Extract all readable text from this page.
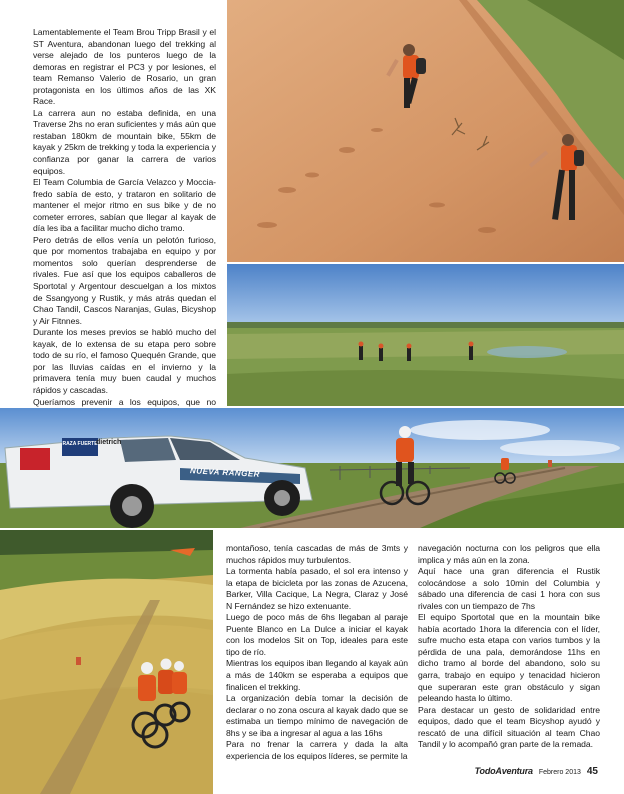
Lamentablemente el Team Brou Tripp Brasil y el ST Aventura, abandonan luego del trekking al verse alejado de los punteros luego de la demoras en registrar el PC3 y por lesiones, el team Remanso Valerio de Rosario, un gran protagonista en los últimos años de las XK Race.

La carrera aun no estaba definida, en una Traverse 2hs no eran suficientes y más aún que restaban 180km de mountain bike, 55km de kayak y 25km de trekking y toda la experiencia y confianza por ganar la carrera de varios equipos.

El Team Columbia de García Velazco y Moccia-fredo sabía de esto, y trataron en solitario de mantener el mejor ritmo en sus bike y de no cometer errores, sabían que llegar al kayak de día les iba a facilitar mucho dicho tramo.

Pero detrás de ellos venía un pelotón furioso, que por momentos trabajaba en equipo y por momentos solo querían desprenderse de rivales. Fue así que los equipos caballeros de Sportotal y Argentour descuelgan a los mixtos de Ssangyong y Rustik, y más atrás quedan el Chao Tandil, Cascos Naranjas, Gulas, Bicyshop y Air Fitnnes.

Durante los meses previos se habló mucho del kayak, de lo extensa de su etapa pero sobre todo de su río, el famoso Quequén Grande, que por las lluvias caídas en el invierno y la primavera tenía muy buen caudal y muchos rápidos y cascadas.

Queríamos prevenir a los equipos, que no

RAZA FUERTE
dietrich
NUEVA RANGER

montañoso, tenía cascadas de más de 3mts y muchos rápidos muy turbulentos.

La tormenta había pasado, el sol era intenso y la etapa de bicicleta por las zonas de Azucena, Barker, Villa Cacique, La Negra, Claraz y José N Fernández se hizo extenuante.

Luego de poco más de 6hs llegaban al paraje Puente Blanco en La Dulce a iniciar el kayak con los modelos Sit on Top, ideales para este tipo de río.

Mientras los equipos iban llegando al kayak aún a más de 140km se esperaba a equipos que finalicen el trekking.

La organización debía tomar la decisión de declarar o no zona oscura al kayak dado que se estimaba un tiempo mínimo de navegación de 8hs y se iba a ingresar al agua a las 16hs

Para no frenar la carrera y dada la alta experiencia de los equipos líderes, se permite la

navegación nocturna con los peligros que ella implica y más aún en la zona.

Aquí hace una gran diferencia el Rustik colocándose a solo 10min del Columbia y sábado una diferencia de casi 1 hora con sus rivales con un tiempazo de 7hs

El equipo Sportotal que en la mountain bike había acortado 1hora la diferencia con el líder, sufre mucho esta etapa con varios tumbos y la pérdida de una pala, demorándose 11hs en dicho tramo al borde del abandono, solo su garra, trabajo en equipo y tenacidad hicieron que superaran este gran obstáculo y sigan peleando hasta lo último.

Para destacar un gesto de solidaridad entre equipos, dado que el team Bicyshop ayudó y rescató de una difícil situación al team Chao Tandil y lo acompañó gran parte de la remada.

TodoAventura Febrero 2013 45
